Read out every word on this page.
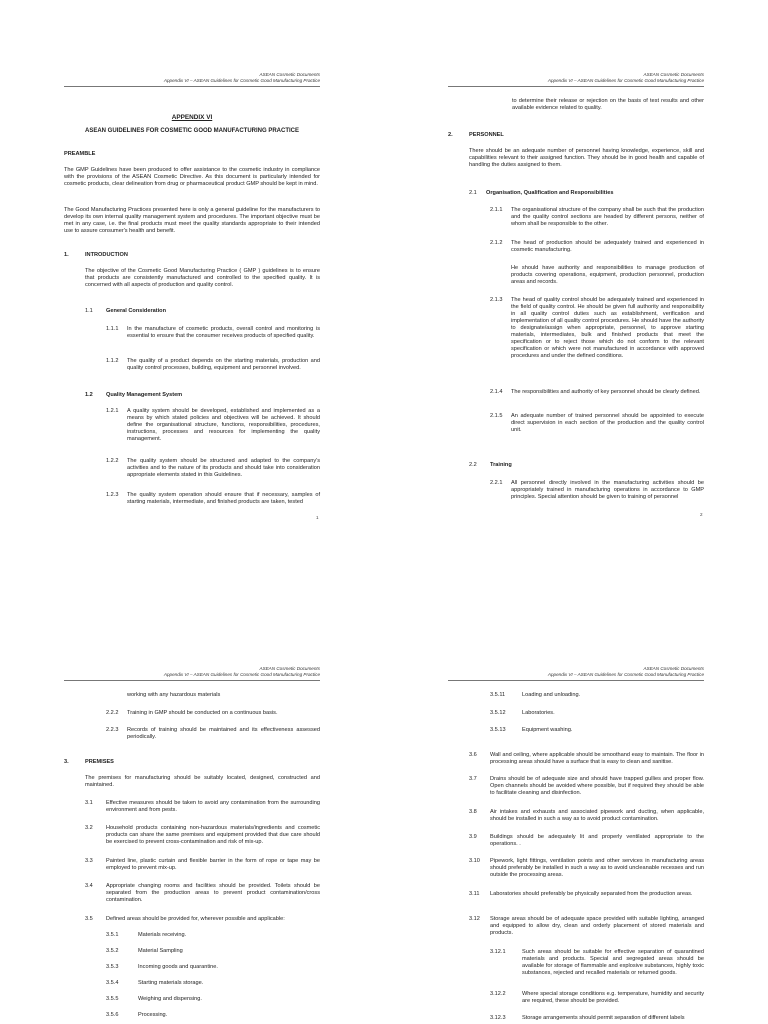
ASEAN Cosmetic Documents
Appendix VI – ASEAN Guidelines for Cosmetic Good Manufacturing Practice
APPENDIX VI
ASEAN GUIDELINES FOR COSMETIC GOOD MANUFACTURING PRACTICE
PREAMBLE
The GMP Guidelines have been produced to offer assistance to the cosmetic industry in compliance with the provisions of the ASEAN Cosmetic Directive. As this document is particularly intended for cosmetic products, clear delineation from drug or pharmaceutical product GMP should be kept in mind.
The Good Manufacturing Practices presented here is only a general guideline for the manufacturers to develop its own internal quality management system and procedures. The important objective must be met in any case, i.e. the final products must meet the quality standards appropriate to their intended use to assure consumer's health and benefit.
1.	INTRODUCTION
The objective of the Cosmetic Good Manufacturing Practice ( GMP ) guidelines is to ensure that products are consistently manufactured and controlled to the specified quality. It is concerned with all aspects of production and quality control.
1.1 General Consideration
1.1.1 In the manufacture of cosmetic products, overall control and monitoring is essential to ensure that the consumer receives products of specified quality.
1.1.2 The quality of a product depends on the starting materials, production and quality control processes, building, equipment and personnel involved.
1.2 Quality Management System
1.2.1 A quality system should be developed, established and implemented as a means by which stated policies and objectives will be achieved. It should define the organisational structure, functions, responsibilities, procedures, instructions, processes and resources for implementing the quality management.
1.2.2 The quality system should be structured and adapted to the company's activities and to the nature of its products and should take into consideration appropriate elements stated in this Guidelines.
1.2.3 The quality system operation should ensure that if necessary, samples of starting materials, intermediate, and finished products are taken, tested
1
ASEAN Cosmetic Documents
Appendix VI – ASEAN Guidelines for Cosmetic Good Manufacturing Practice
to determine their release or rejection on the basis of test results and other available evidence related to quality.
2.	PERSONNEL
There should be an adequate number of personnel having knowledge, experience, skill and capabilities relevant to their assigned function. They should be in good health and capable of handling the duties assigned to them.
2.1 Organisation, Qualification and Responsibilities
2.1.1 The organisational structure of the company shall be such that the production and the quality control sections are headed by different persons, neither of whom shall be responsible to the other.
2.1.2 The head of production should be adequately trained and experienced in cosmetic manufacturing.
He should have authority and responsibilities to manage production of products covering operations, equipment, production personnel, production areas and records.
2.1.3 The head of quality control should be adequately trained and experienced in the field of quality control. He should be given full authority and responsibility in all quality control duties such as establishment, verification and implementation of all quality control procedures. He should have the authority to designate/assign when appropriate, personnel, to approve starting materials, intermediates, bulk and finished products that meet the specification or to reject those which do not conform to the relevant specification or which were not manufactured in accordance with approved procedures and under the defined conditions.
2.1.4 The responsibilities and authority of key personnel should be clearly defined.
2.1.5 An adequate number of trained personnel should be appointed to execute direct supervision in each section of the production and the quality control unit.
2.2 Training
2.2.1 All personnel directly involved in the manufacturing activities should be appropriately trained in manufacturing operations in accordance to GMP principles. Special attention should be given to training of personnel
2
ASEAN Cosmetic Documents
Appendix VI – ASEAN Guidelines for Cosmetic Good Manufacturing Practice
working with any hazardous materials
2.2.2 Training in GMP should be conducted on a continuous basis.
2.2.3 Records of training should be maintained and its effectiveness assessed periodically.
3.	PREMISES
The premises for manufacturing should be suitably located, designed, constructed and maintained.
3.1 Effective measures should be taken to avoid any contamination from the surrounding environment and from pests.
3.2 Household products containing non-hazardous materials/ingredients and cosmetic products can share the same premises and equipment provided that due care should be exercised to prevent cross-contamination and risk of mix-up.
3.3 Painted line, plastic curtain and flexible barrier in the form of rope or tape may be employed to prevent mix-up.
3.4 Appropriate changing rooms and facilities should be provided. Toilets should be separated from the production areas to prevent product contamination/cross contamination.
3.5 Defined areas should be provided for, wherever possible and applicable:
3.5.1	Materials receiving.
3.5.2	Material Sampling
3.5.3	Incoming goods and quarantine.
3.5.4	Starting materials storage.
3.5.5	Weighing and dispensing.
3.5.6	Processing.
ASEAN Cosmetic Documents
Appendix VI – ASEAN Guidelines for Cosmetic Good Manufacturing Practice
3.5.11	Loading and unloading.
3.5.12	Laboratories.
3.5.13	Equipment washing.
3.6 Wall and ceiling, where applicable should be smoothand easy to maintain. The floor in processing areas should have a surface that is easy to clean and sanitise.
3.7 Drains should be of adequate size and should have trapped gullies and proper flow. Open channels should be avoided where possible, but if required they should be able to facilitate cleaning and disinfection.
3.8 Air intakes and exhausts and associated pipework and ducting, when applicable, should be installed in such a way as to avoid product contamination.
3.9 Buildings should be adequately lit and properly ventilated appropriate to the operations. .
3.10 Pipework, light fittings, ventilation points and other services in manufacturing areas should preferably be installed in such a way as to avoid uncleanable recesses and run outside the processing areas.
3.11 Laboratories should preferably be physically separated from the production areas.
3.12 Storage areas should be of adequate space provided with suitable lighting, arranged and equipped to allow dry, clean and orderly placement of stored materials and products.
3.12.1	Such areas should be suitable for effective separation of quarantined materials and products. Special and segregated areas should be available for storage of flammable and explosive substances, highly toxic substances, rejected and recalled materials or returned goods.
3.12.2	Where special storage conditions e.g. temperature, humidity and security are required, these should be provided.
3.12.3	Storage arrangements should permit separation of different labels
